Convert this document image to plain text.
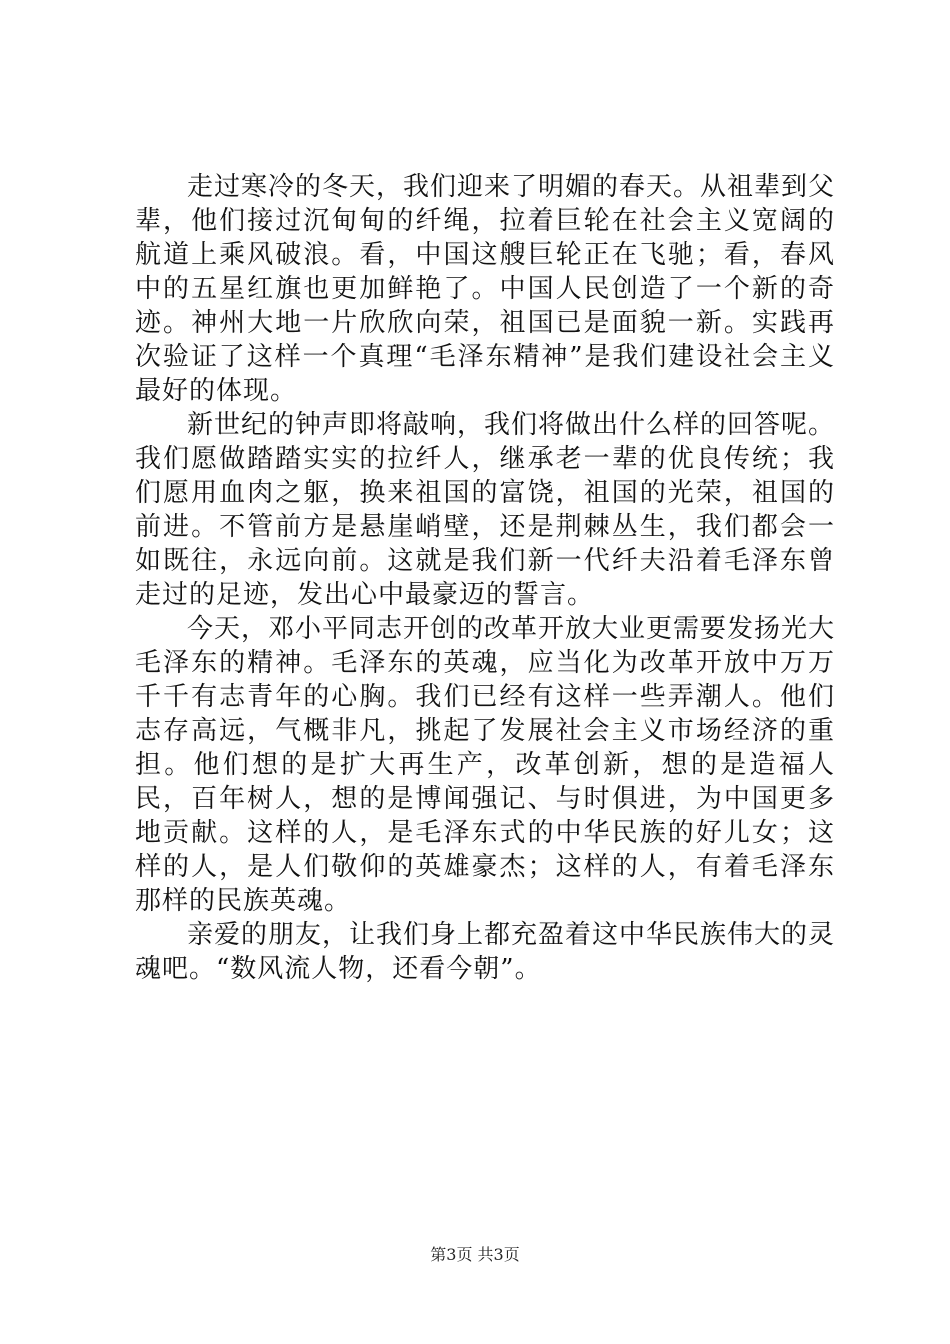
走过寒冷的冬天，我们迎来了明媚的春天。从祖辈到父辈，他们接过沉甸甸的纤绳，拉着巨轮在社会主义宽阔的航道上乘风破浪。看，中国这艘巨轮正在飞驰；看，春风中的五星红旗也更加鲜艳了。中国人民创造了一个新的奇迹。神州大地一片欣欣向荣，祖国已是面貌一新。实践再次验证了这样一个真理“毛泽东精神”是我们建设社会主义最好的体现。

新世纪的钟声即将敲响，我们将做出什么样的回答呢。我们愿做踏踏实实的拉纤人，继承老一辈的优良传统；我们愿用血肉之躯，换来祖国的富饶，祖国的光荣，祖国的前进。不管前方是悬崖峭壁，还是荆棘丛生，我们都会一如既往，永远向前。这就是我们新一代纤夫沿着毛泽东曾走过的足迹，发出心中最豪迈的誓言。

今天，邓小平同志开创的改革开放大业更需要发扬光大毛泽东的精神。毛泽东的英魂，应当化为改革开放中万万千千有志青年的心胸。我们已经有这样一些弄潮人。他们志存高远，气概非凡，挑起了发展社会主义市场经济的重担。他们想的是扩大再生产，改革创新，想的是造福人民，百年树人，想的是博闻强记、与时俱进，为中国更多地贡献。这样的人，是毛泽东式的中华民族的好儿女；这样的人，是人们敬仰的英雄豪杰；这样的人，有着毛泽东那样的民族英魂。

亲爱的朋友，让我们身上都充盈着这中华民族伟大的灵魂吧。“数风流人物，还看今朝”。

第3页 共3页
